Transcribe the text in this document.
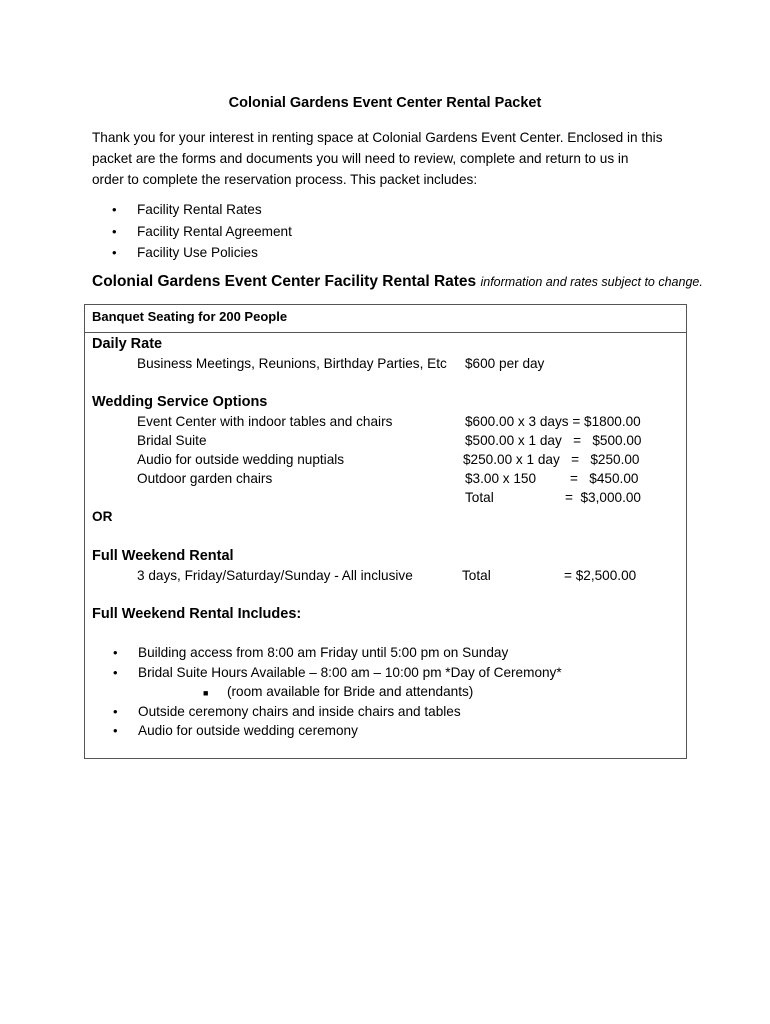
Colonial Gardens Event Center Rental Packet
Thank you for your interest in renting space at Colonial Gardens Event Center. Enclosed in this
packet are the forms and documents you will need to review, complete and return to us in
order to complete the reservation process. This packet includes:
•	Facility Rental Rates
•	Facility Rental Agreement
•	Facility Use Policies
Colonial Gardens Event Center Facility Rental Rates information and rates subject to change.
Banquet Seating for 200 People
Daily Rate
Business Meetings, Reunions, Birthday Parties, Etc $600 per day
Wedding Service Options
Event Center with indoor tables and chairs	$600.00 x 3 days = $1800.00
Bridal Suite	$500.00 x 1 day   =   $500.00
Audio for outside wedding nuptials	$250.00 x 1 day   =   $250.00
Outdoor garden chairs	$3.00 x 150         =   $450.00
Total	=  $3,000.00
OR
Full Weekend Rental
3 days, Friday/Saturday/Sunday - All inclusive	Total	= $2,500.00
Full Weekend Rental Includes:
• Building access from 8:00 am Friday until 5:00 pm on Sunday
• Bridal Suite Hours Available – 8:00 am – 10:00 pm *Day of Ceremony*
■ (room available for Bride and attendants)
• Outside ceremony chairs and inside chairs and tables
• Audio for outside wedding ceremony
